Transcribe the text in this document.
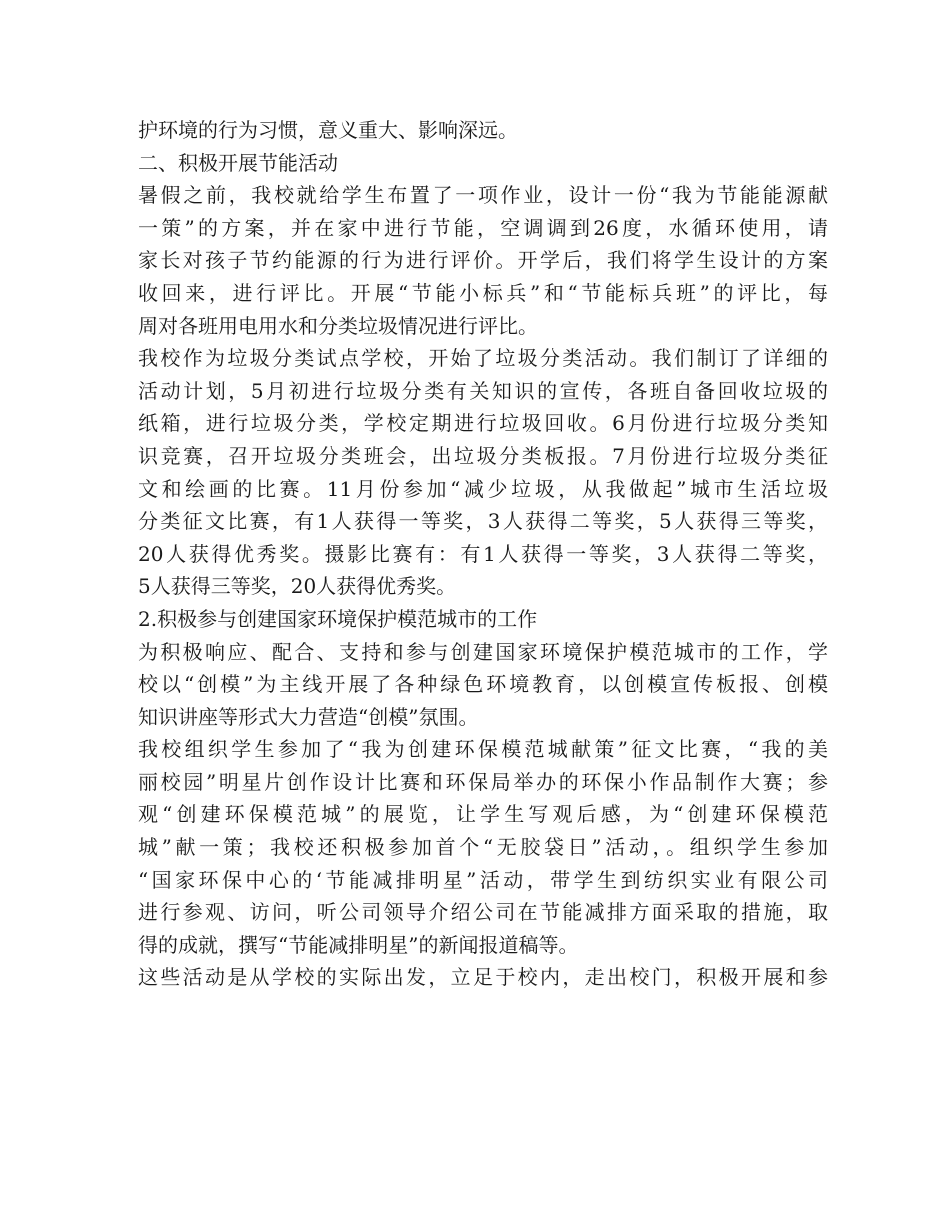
护环境的行为习惯，意义重大、影响深远。
二、积极开展节能活动
暑假之前，我校就给学生布置了一项作业，设计一份“我为节能能源献
一策”的方案，并在家中进行节能，空调调到26度，水循环使用，请
家长对孩子节约能源的行为进行评价。开学后，我们将学生设计的方案
收回来，进行评比。开展“节能小标兵”和“节能标兵班”的评比，每
周对各班用电用水和分类垃圾情况进行评比。
我校作为垃圾分类试点学校，开始了垃圾分类活动。我们制订了详细的
活动计划，5月初进行垃圾分类有关知识的宣传，各班自备回收垃圾的
纸箱，进行垃圾分类，学校定期进行垃圾回收。6月份进行垃圾分类知
识竞赛，召开垃圾分类班会，出垃圾分类板报。7月份进行垃圾分类征
文和绘画的比赛。11月份参加“减少垃圾，从我做起”城市生活垃圾
分类征文比赛，有1人获得一等奖，3人获得二等奖，5人获得三等奖，
20人获得优秀奖。摄影比赛有：有1人获得一等奖，3人获得二等奖，
5人获得三等奖，20人获得优秀奖。
2.积极参与创建国家环境保护模范城市的工作
为积极响应、配合、支持和参与创建国家环境保护模范城市的工作，学
校以“创模”为主线开展了各种绿色环境教育，以创模宣传板报、创模
知识讲座等形式大力营造“创模”氛围。
我校组织学生参加了“我为创建环保模范城献策”征文比赛，“我的美
丽校园”明星片创作设计比赛和环保局举办的环保小作品制作大赛；参
观“创建环保模范城”的展览，让学生写观后感，为“创建环保模范
城”献一策；我校还积极参加首个“无胶袋日”活动，。组织学生参加
“国家环保中心的‘节能减排明星”活动，带学生到纺织实业有限公司
进行参观、访问，听公司领导介绍公司在节能减排方面采取的措施，取
得的成就，撰写“节能减排明星”的新闻报道稿等。
这些活动是从学校的实际出发，立足于校内，走出校门，积极开展和参
